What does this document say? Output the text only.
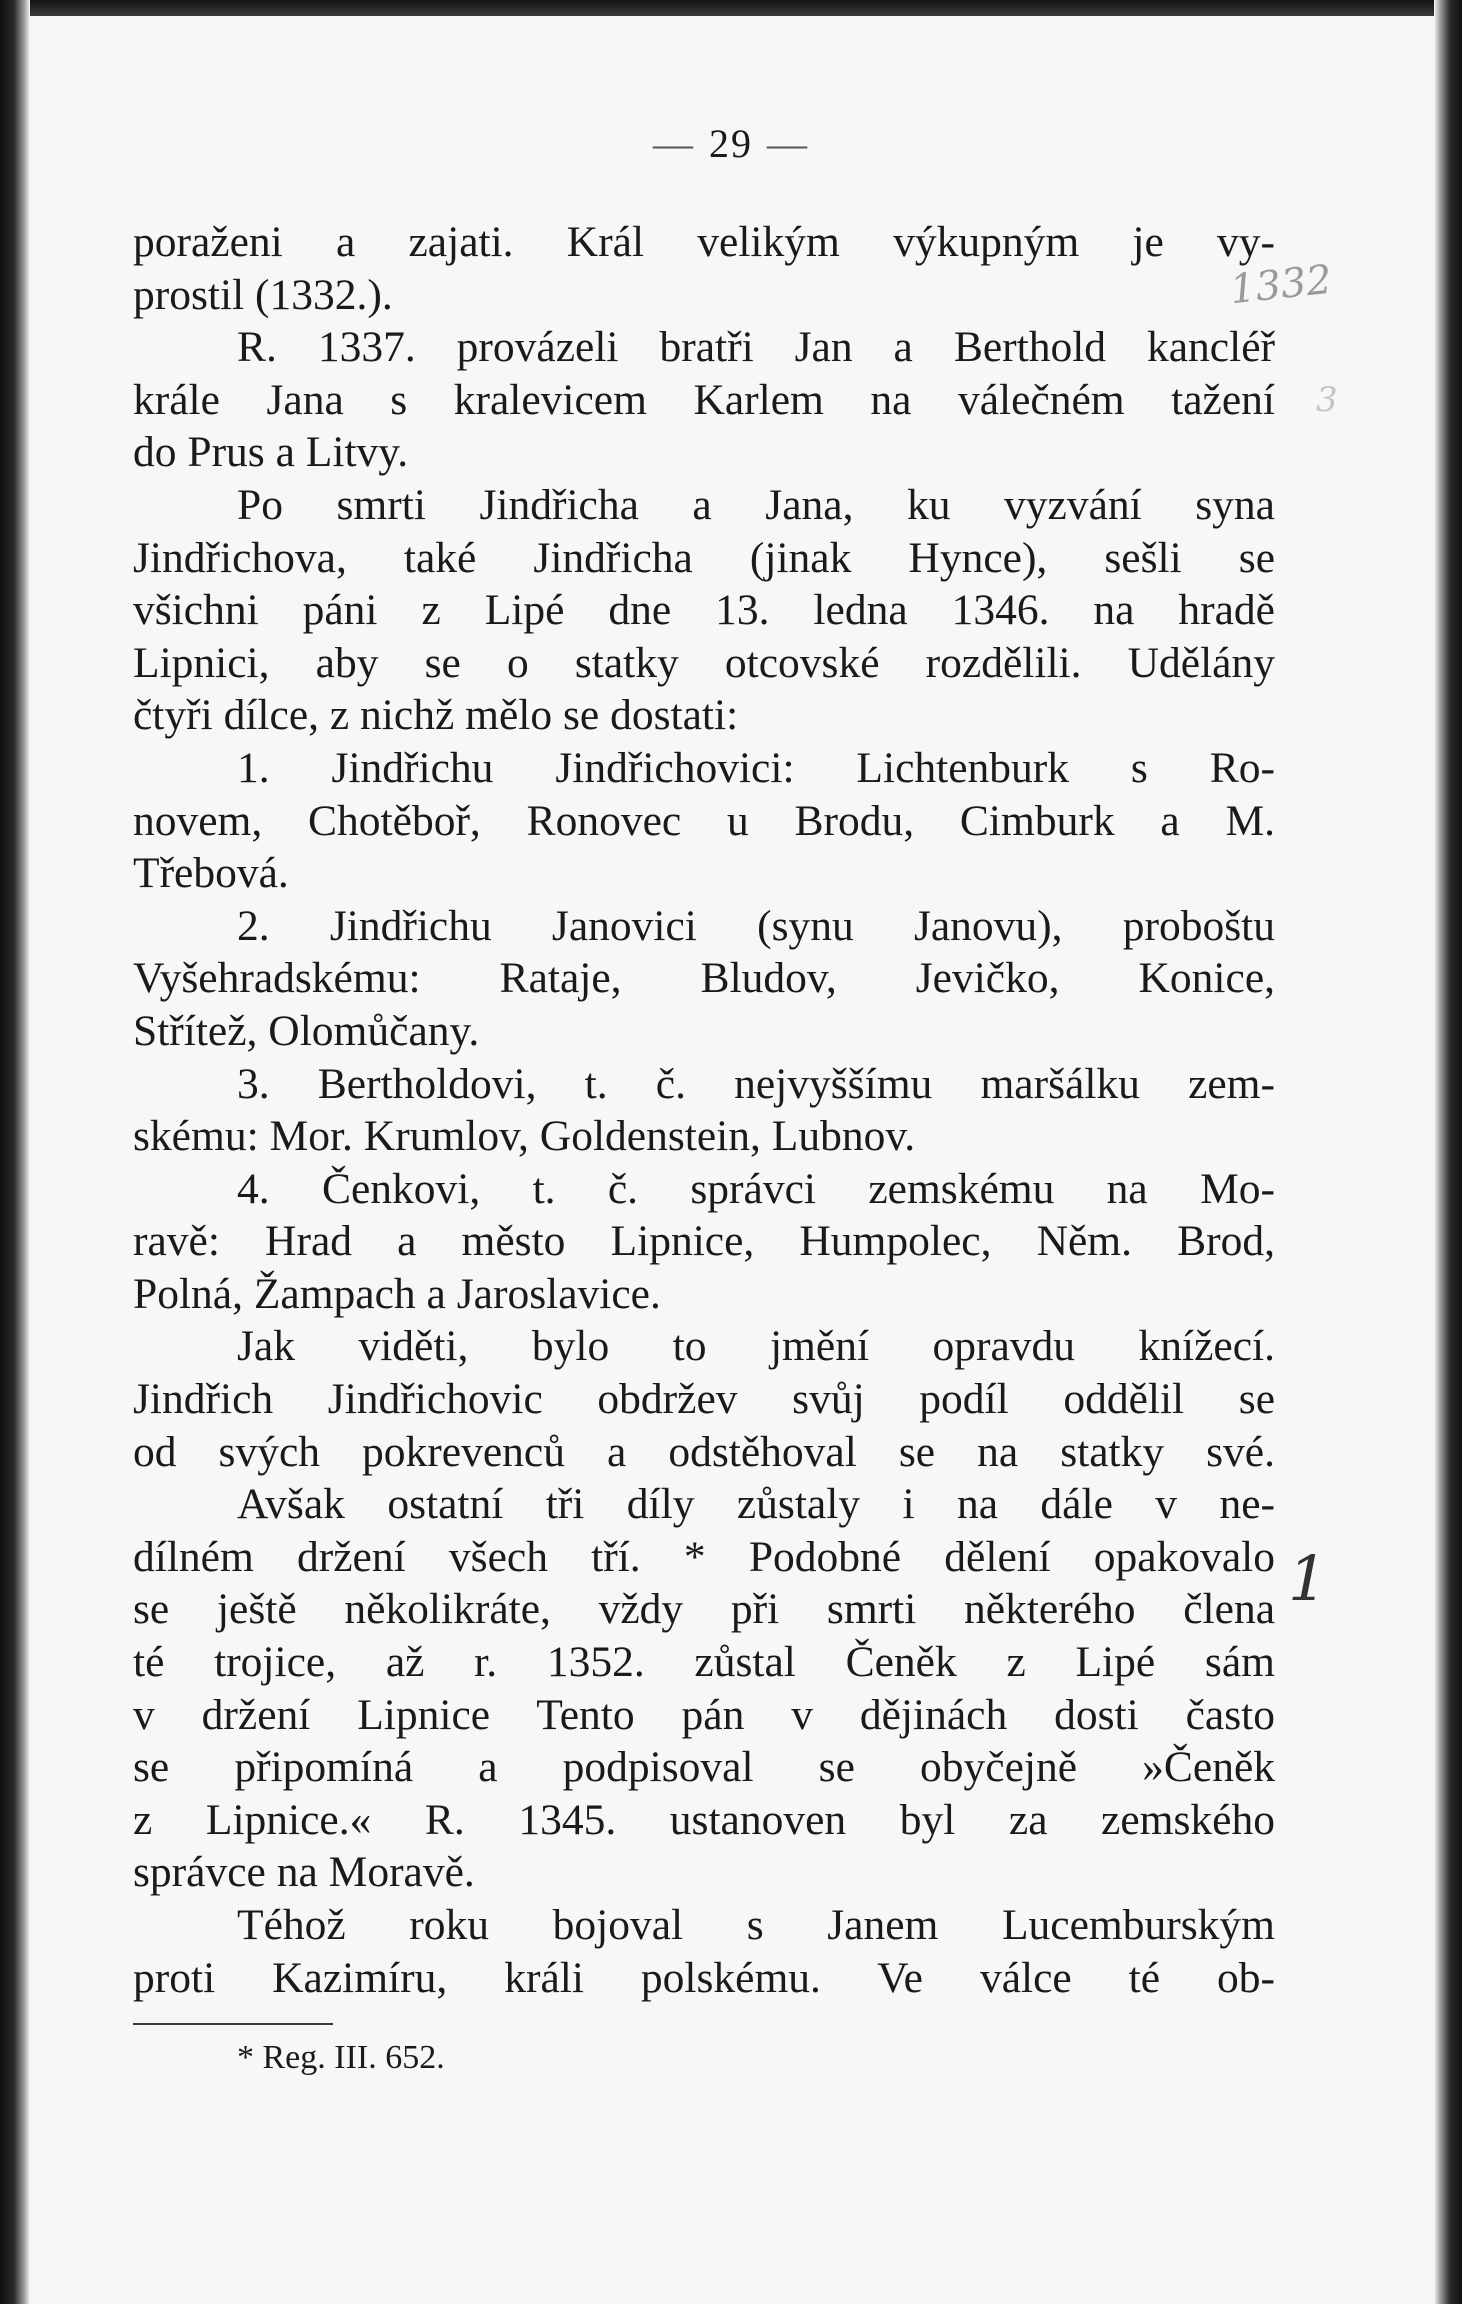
— 29 —
poraženi a zajati. Král velikým výkupným je vy-
prostil (1332.).
R. 1337. provázeli bratři Jan a Berthold kancléř
krále Jana s kralevicem Karlem na válečném tažení
do Prus a Litvy.
Po smrti Jindřicha a Jana, ku vyzvání syna
Jindřichova, také Jindřicha (jinak Hynce), sešli se
všichni páni z Lipé dne 13. ledna 1346. na hradě
Lipnici, aby se o statky otcovské rozdělili. Udělány
čtyři dílce, z nichž mělo se dostati:
1. Jindřichu Jindřichovici: Lichtenburk s Ro-
novem, Chotěboř, Ronovec u Brodu, Cimburk a M.
Třebová.
2. Jindřichu Janovici (synu Janovu), proboštu
Vyšehradskému: Rataje, Bludov, Jevičko, Konice,
Střítež, Olomůčany.
3. Bertholdovi, t. č. nejvyššímu maršálku zem-
skému: Mor. Krumlov, Goldenstein, Lubnov.
4. Čenkovi, t. č. správci zemskému na Mo-
ravě: Hrad a město Lipnice, Humpolec, Něm. Brod,
Polná, Žampach a Jaroslavice.
Jak viděti, bylo to jmění opravdu knížecí.
Jindřich Jindřichovic obdržev svůj podíl oddělil se
od svých pokrevenců a odstěhoval se na statky své.
Avšak ostatní tři díly zůstaly i na dále v ne-
dílném držení všech tří. * Podobné dělení opakovalo
se ještě několikráte, vždy při smrti některého člena
té trojice, až r. 1352. zůstal Čeněk z Lipé sám
v držení Lipnice Tento pán v dějinách dosti často
se připomíná a podpisoval se obyčejně »Čeněk
z Lipnice.« R. 1345. ustanoven byl za zemského
správce na Moravě.
Téhož roku bojoval s Janem Lucemburským
proti Kazimíru, králi polskému. Ve válce té ob-
* Reg. III. 652.
1332
1
3
